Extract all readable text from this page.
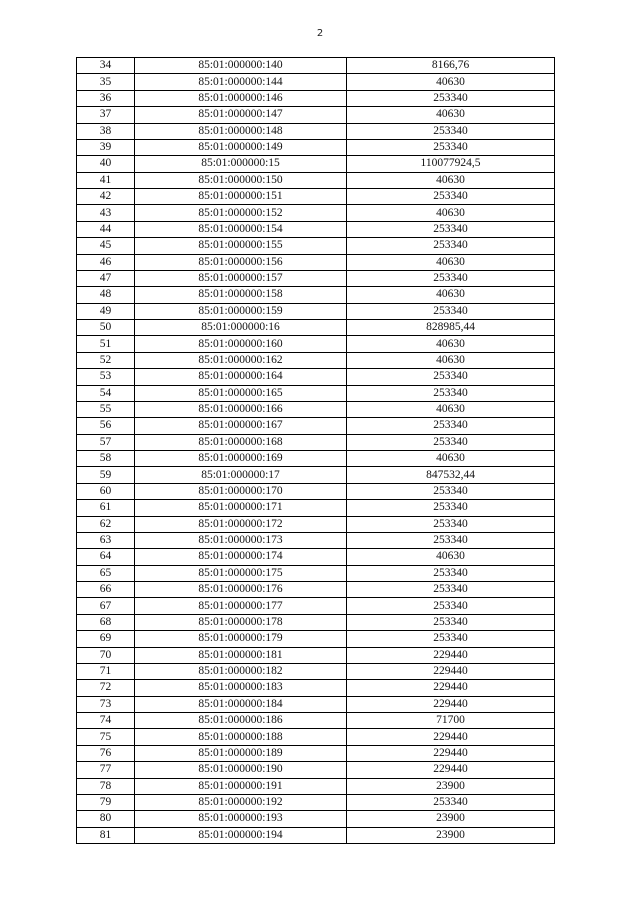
2
34	85:01:000000:140	8166,76
35	85:01:000000:144	40630
36	85:01:000000:146	253340
37	85:01:000000:147	40630
38	85:01:000000:148	253340
39	85:01:000000:149	253340
40	85:01:000000:15	110077924,5
41	85:01:000000:150	40630
42	85:01:000000:151	253340
43	85:01:000000:152	40630
44	85:01:000000:154	253340
45	85:01:000000:155	253340
46	85:01:000000:156	40630
47	85:01:000000:157	253340
48	85:01:000000:158	40630
49	85:01:000000:159	253340
50	85:01:000000:16	828985,44
51	85:01:000000:160	40630
52	85:01:000000:162	40630
53	85:01:000000:164	253340
54	85:01:000000:165	253340
55	85:01:000000:166	40630
56	85:01:000000:167	253340
57	85:01:000000:168	253340
58	85:01:000000:169	40630
59	85:01:000000:17	847532,44
60	85:01:000000:170	253340
61	85:01:000000:171	253340
62	85:01:000000:172	253340
63	85:01:000000:173	253340
64	85:01:000000:174	40630
65	85:01:000000:175	253340
66	85:01:000000:176	253340
67	85:01:000000:177	253340
68	85:01:000000:178	253340
69	85:01:000000:179	253340
70	85:01:000000:181	229440
71	85:01:000000:182	229440
72	85:01:000000:183	229440
73	85:01:000000:184	229440
74	85:01:000000:186	71700
75	85:01:000000:188	229440
76	85:01:000000:189	229440
77	85:01:000000:190	229440
78	85:01:000000:191	23900
79	85:01:000000:192	253340
80	85:01:000000:193	23900
81	85:01:000000:194	23900
